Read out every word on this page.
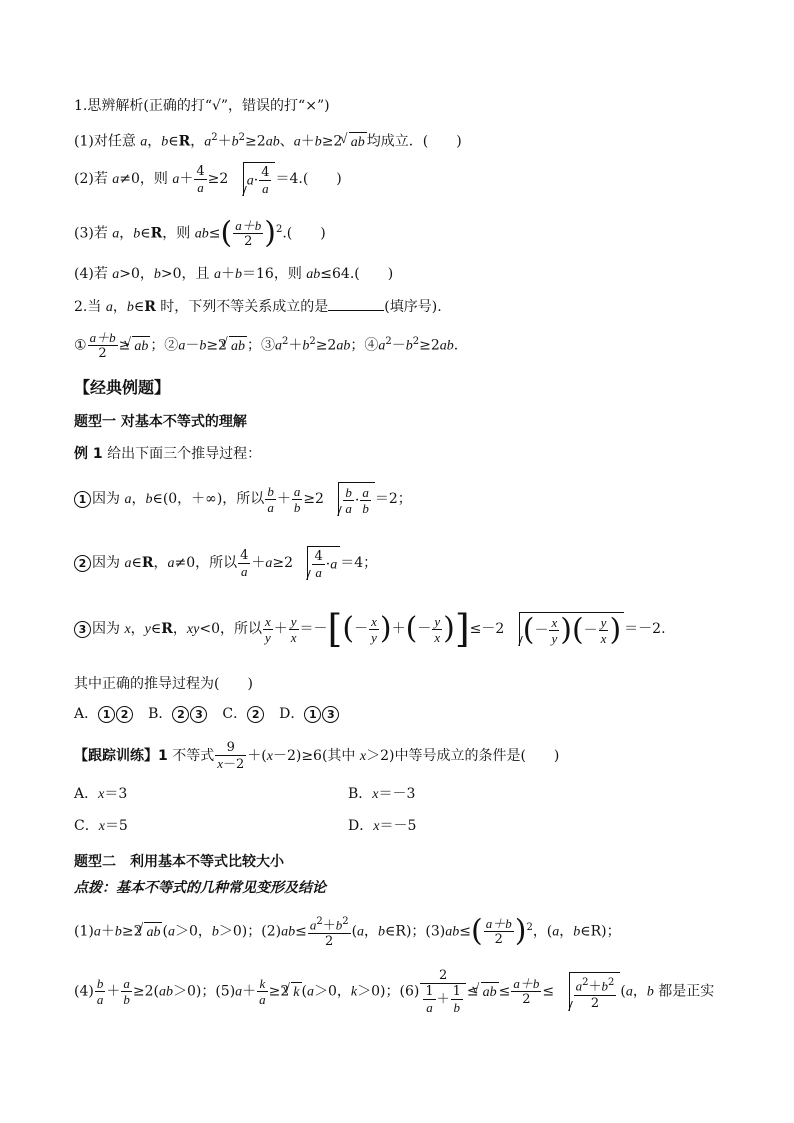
1.思辨解析(正确的打“√”，错误的打“×”)
(1)对任意 a，b∈R，$a^2+b^2\ge 2ab$、a＋b≥2 √ ab 均成立．(　　)
(2)若 a≠0，则 $a+ \frac{4}{a} \ge 2$ $a\cdot \frac{4}{a} =4$.(　　)
(3)若 a，b∈R，则 $ab\le( \frac{a+b}{2} )^2$.(　　)
(4)若 a>0，b>0，且 a＋b＝16，则 ab≤64.(　　)
2.当 a，b∈R 时，下列不等关系成立的是	(填序号).
① $\frac{a+b}{2}$ ≥√ ab ；②a－b≥2√ ab ；$③a^2+b^2\ge 2ab$；$④a^2-b^2\ge 2ab$.
【经典例题】
题型一 对基本不等式的理解
例 1 给出下面三个推导过程：
1 因为 a，b∈(0，＋∞)，所以 $\frac{b}{a} + \frac{a}{b} \ge 2 \frac{b}{a} \cdot \frac{a}{b} =2$；
2 因为 a∈R，a≠0，所以 $\frac{4}{a} +a\ge 2 \frac{4}{a} \cdot a =4$；
3 因为 x，y∈R，xy<0，所以 $\frac{x}{y} + \frac{y}{x}$ ＝－[(－ $\frac{x}{y}$ )＋(－ $\frac{y}{x} )]\le-2$ (－ $\frac{x}{y}$ )(－ $\frac{y}{x}$ ) ＝－2.
其中正确的推导过程为(　　)
A． 1 2　B． 2 3　C． 2　D． 1 3
【跟踪训练】1 不等式 $\frac{9}{x-2} +(x-2)\ge 6$(其中 x＞2)中等号成立的条件是(　　)
A．x＝3	B．x＝－3
C．x＝5	D．x＝－5
题型二　利用基本不等式比较大小
点拨：基本不等式的几种常见变形及结论
(1)a＋b≥2√ ab (a＞0，b＞0)；$(2)ab\le \frac{a^2+b^2}{2} (a$，b∈R)；$(3)ab\le( \frac{a+b}{2} )^2$，(a，b∈R)；
$(4) \frac{b}{a} + \frac{a}{b} \ge 2(ab>0)$；$(5)a+ \frac{k}{a} \ge 2√$ k (a＞0，k＞0)；$(6) \frac{2}{\frac{1}{a} + \frac{1}{b}}$ ≤√ ab ≤ $\frac{a+b}{2} \le \frac{a^2+b^2}{2} (a$，b 都是正实
